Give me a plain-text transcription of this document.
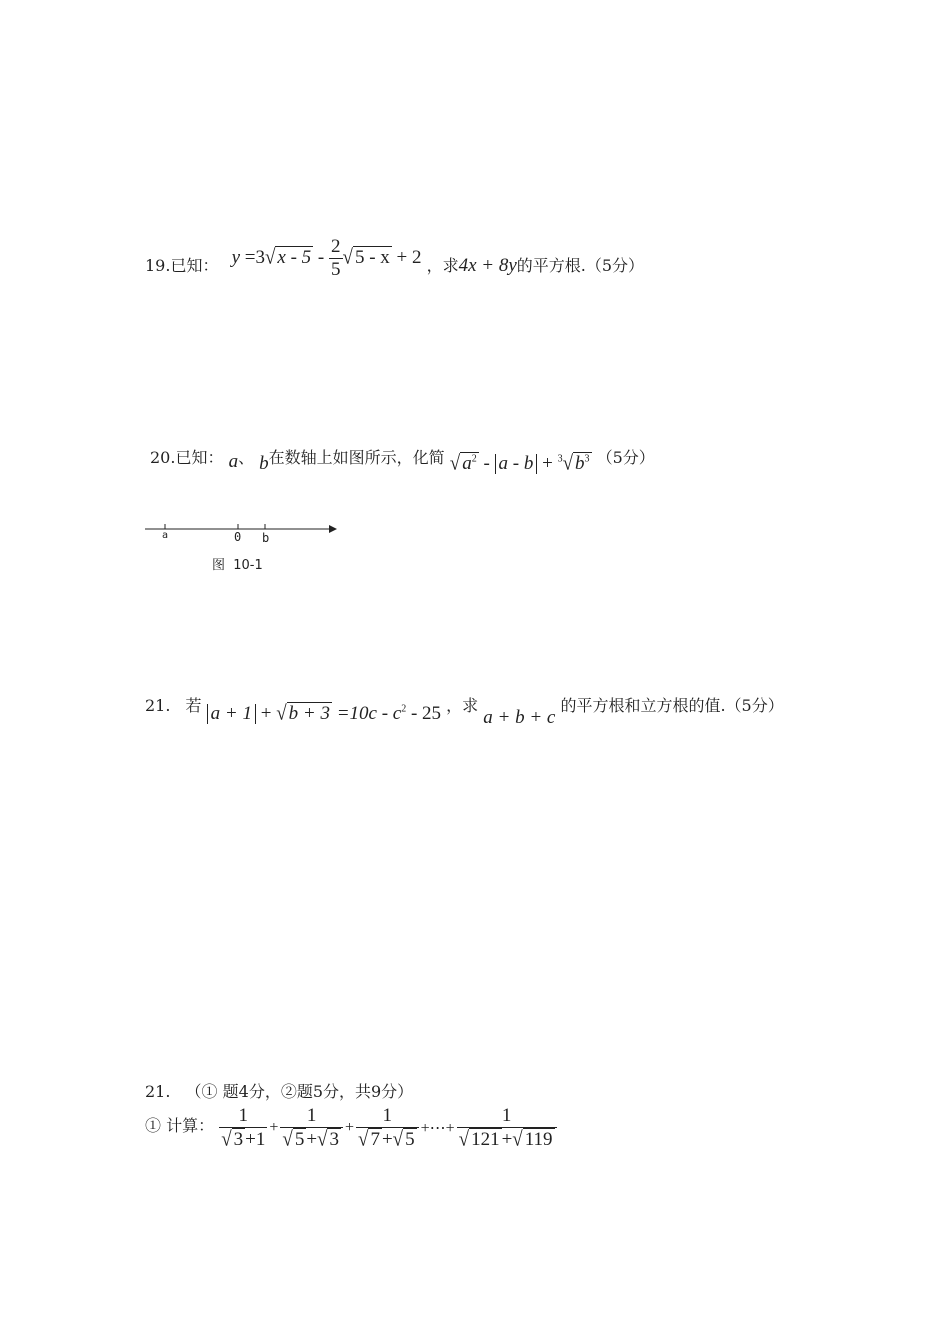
19.已知： y =3√ x - $5 - \frac{2}{5}$ √ 5 - x + 2 ，求4x + 8y的平方根.（5分）
20.已知： a、 b在数轴上如图所示，化简 √ $a^2 - a - b + ^3√$ $b^3$ （5分）
a	0 b
图  10-1
21. 若 a + 1 + √ $b + 3 =10c - c^2 - 25$ ，求 a + b + c 的平方根和立方根的值.（5分）
21. （① 题4分，②题5分，共9分）
① 计算： $\frac{1}{√ 3 +1} + \frac{1}{√ 5 +√ 3} + \frac{1}{√ 7 +√ 5}$ +⋯+ $\frac{1}{√ 121 +√ 119}$
